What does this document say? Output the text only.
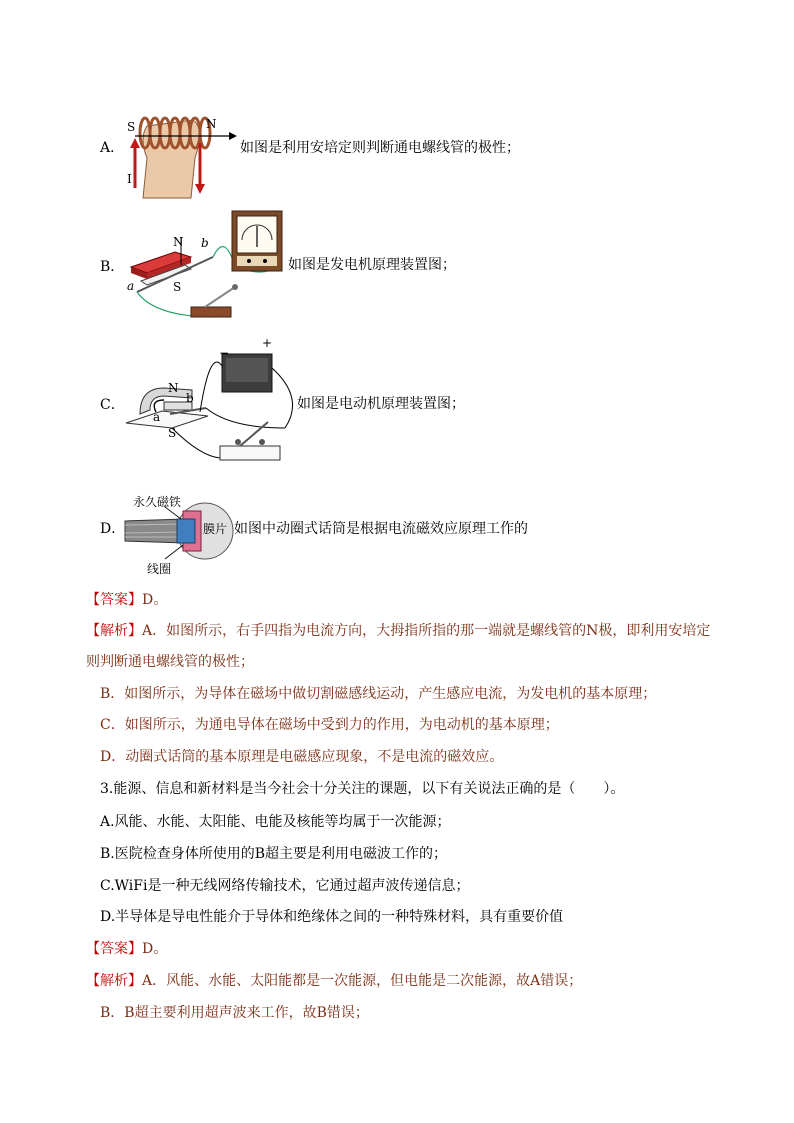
A．
S	N
I
如图是利用安培定则判断通电螺线管的极性；
B．
N
S
a
b
如图是发电机原理装置图；
C．
N
S
a
b
−
+
如图是电动机原理装置图；
D．
永久磁铁
膜片
线圈
如图中动圈式话筒是根据电流磁效应原理工作的
【答案】D。
【解析】A．如图所示，右手四指为电流方向，大拇指所指的那一端就是螺线管的N极，即利用安培定
则判断通电螺线管的极性；
B．如图所示，为导体在磁场中做切割磁感线运动，产生感应电流，为发电机的基本原理；
C．如图所示，为通电导体在磁场中受到力的作用，为电动机的基本原理；
D．动圈式话筒的基本原理是电磁感应现象，不是电流的磁效应。
3.能源、信息和新材料是当今社会十分关注的课题，以下有关说法正确的是（　　）。
A.风能、水能、太阳能、电能及核能等均属于一次能源；
B.医院检查身体所使用的B超主要是利用电磁波工作的；
C.WiFi是一种无线网络传输技术，它通过超声波传递信息；
D.半导体是导电性能介于导体和绝缘体之间的一种特殊材料，具有重要价值
【答案】D。
【解析】A．风能、水能、太阳能都是一次能源，但电能是二次能源，故A错误；
B．B超主要利用超声波来工作，故B错误；
